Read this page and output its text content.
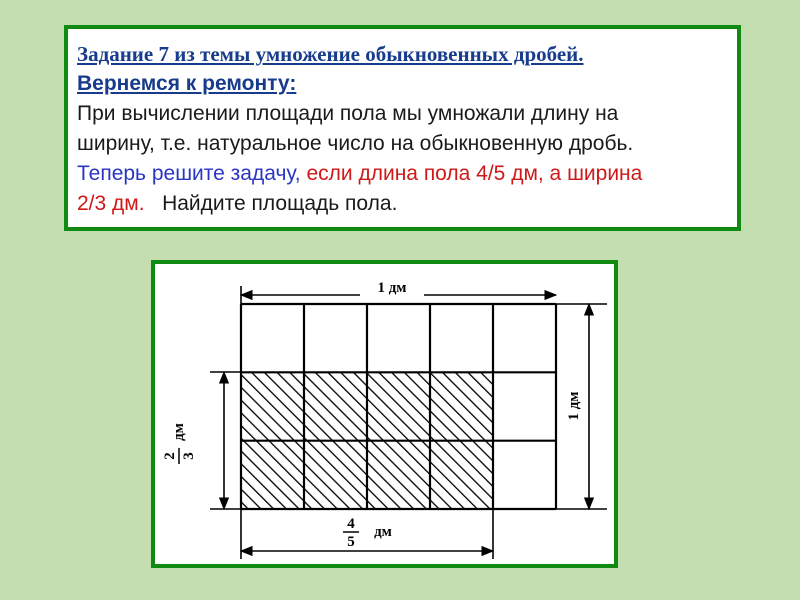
Задание 7 из темы умножение обыкновенных дробей.
Вернемся к ремонту:
При вычислении площади пола мы умножали длину на
ширину, т.е. натуральное число на обыкновенную дробь.
Теперь решите задачу, если длина пола 4/5 дм, а ширина
2/3 дм. Найдите площадь пола.
1 дм
1 дм
2 3
дм
4
5
дм
